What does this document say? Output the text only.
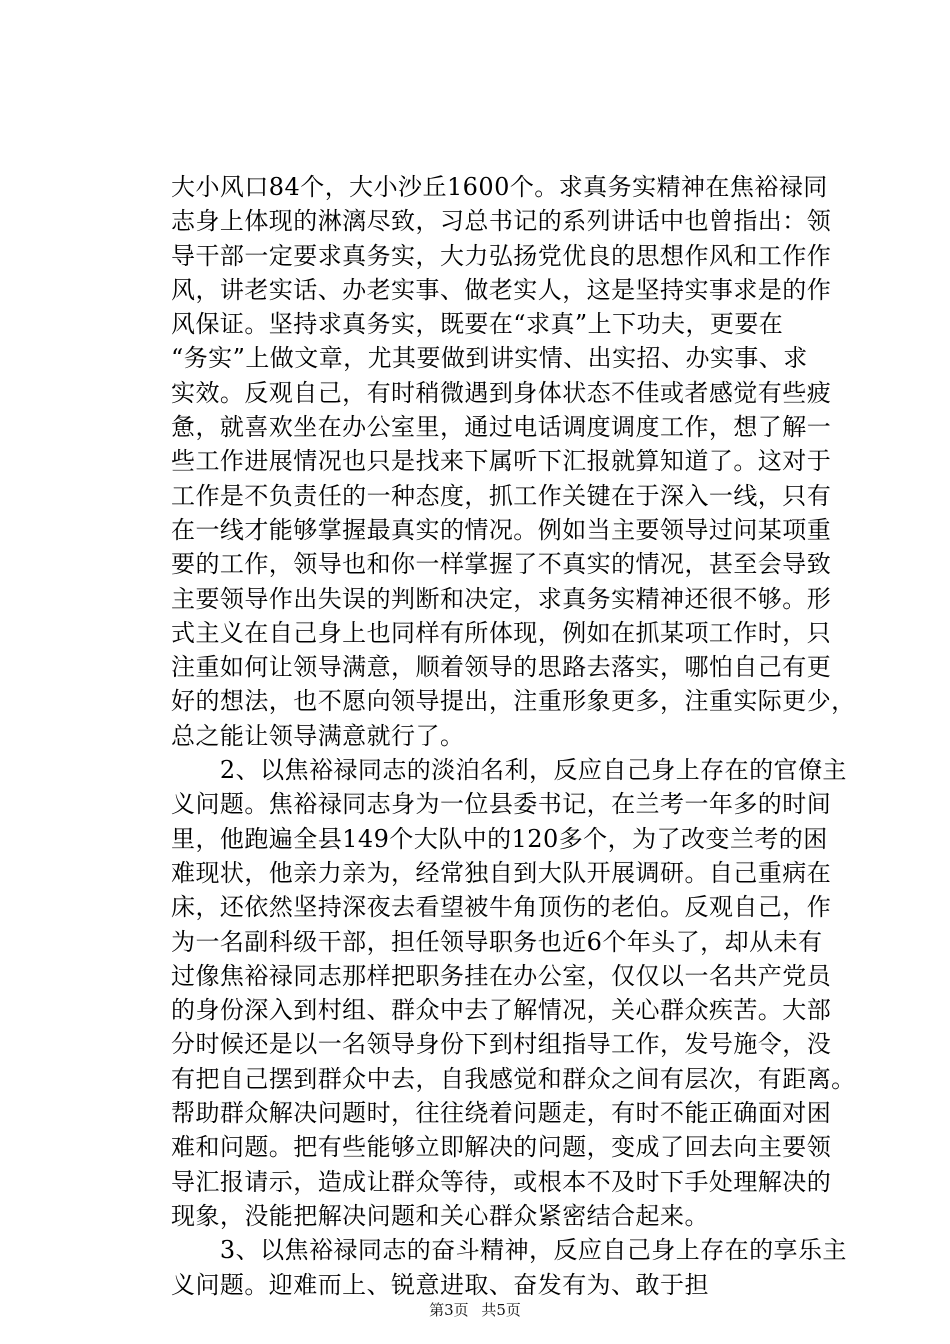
大小风口84个，大小沙丘1600个。求真务实精神在焦裕禄同
志身上体现的淋漓尽致，习总书记的系列讲话中也曾指出：领
导干部一定要求真务实，大力弘扬党优良的思想作风和工作作
风，讲老实话、办老实事、做老实人，这是坚持实事求是的作
风保证。坚持求真务实，既要在“求真”上下功夫，更要在
“务实”上做文章，尤其要做到讲实情、出实招、办实事、求
实效。反观自己，有时稍微遇到身体状态不佳或者感觉有些疲
惫，就喜欢坐在办公室里，通过电话调度调度工作，想了解一
些工作进展情况也只是找来下属听下汇报就算知道了。这对于
工作是不负责任的一种态度，抓工作关键在于深入一线，只有
在一线才能够掌握最真实的情况。例如当主要领导过问某项重
要的工作，领导也和你一样掌握了不真实的情况，甚至会导致
主要领导作出失误的判断和决定，求真务实精神还很不够。形
式主义在自己身上也同样有所体现，例如在抓某项工作时，只
注重如何让领导满意，顺着领导的思路去落实，哪怕自己有更
好的想法，也不愿向领导提出，注重形象更多，注重实际更少，
总之能让领导满意就行了。
　　2、以焦裕禄同志的淡泊名利，反应自己身上存在的官僚主
义问题。焦裕禄同志身为一位县委书记，在兰考一年多的时间
里，他跑遍全县149个大队中的120多个，为了改变兰考的困
难现状，他亲力亲为，经常独自到大队开展调研。自己重病在
床，还依然坚持深夜去看望被牛角顶伤的老伯。反观自己，作
为一名副科级干部，担任领导职务也近6个年头了，却从未有
过像焦裕禄同志那样把职务挂在办公室，仅仅以一名共产党员
的身份深入到村组、群众中去了解情况，关心群众疾苦。大部
分时候还是以一名领导身份下到村组指导工作，发号施令，没
有把自己摆到群众中去，自我感觉和群众之间有层次，有距离。
帮助群众解决问题时，往往绕着问题走，有时不能正确面对困
难和问题。把有些能够立即解决的问题，变成了回去向主要领
导汇报请示，造成让群众等待，或根本不及时下手处理解决的
现象，没能把解决问题和关心群众紧密结合起来。
　　3、以焦裕禄同志的奋斗精神，反应自己身上存在的享乐主
义问题。迎难而上、锐意进取、奋发有为、敢于担
第3页 共5页
